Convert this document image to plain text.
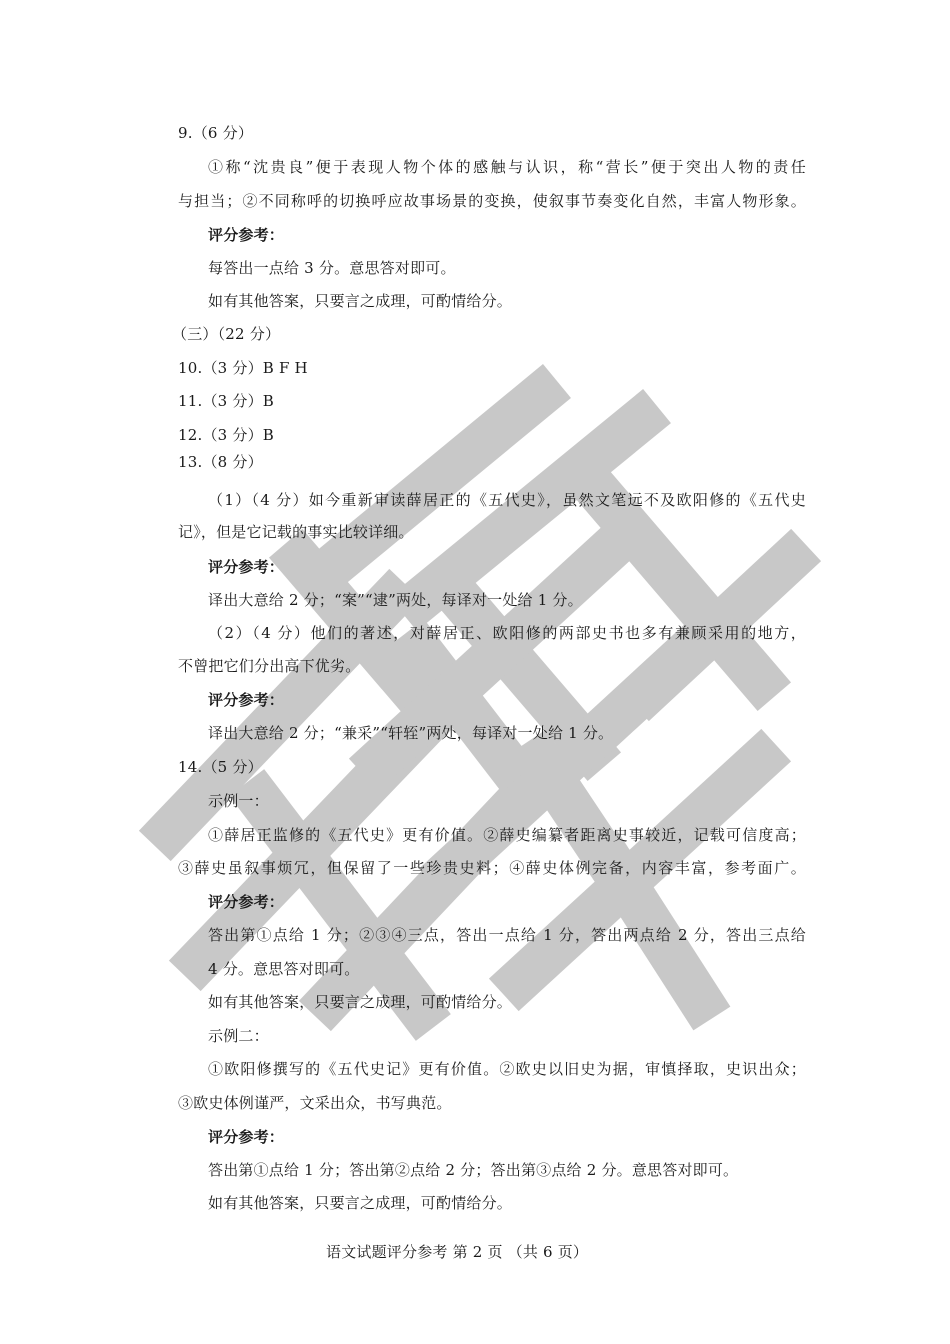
9.（6 分）
①称“沈贵良”便于表现人物个体的感触与认识，称“营长”便于突出人物的责任
与担当；②不同称呼的切换呼应故事场景的变换，使叙事节奏变化自然，丰富人物形象。
评分参考：
每答出一点给 3 分。意思答对即可。
如有其他答案，只要言之成理，可酌情给分。
（三）（22 分）
10.（3 分）B F H
11.（3 分）B
12.（3 分）B
13.（8 分）
（1）（4 分）如今重新审读薛居正的《五代史》，虽然文笔远不及欧阳修的《五代史
记》，但是它记载的事实比较详细。
评分参考：
译出大意给 2 分；“案”“逮”两处，每译对一处给 1 分。
（2）（4 分）他们的著述，对薛居正、欧阳修的两部史书也多有兼顾采用的地方，
不曾把它们分出高下优劣。
评分参考：
译出大意给 2 分；“兼采”“轩轾”两处，每译对一处给 1 分。
14.（5 分）
示例一：
①薛居正监修的《五代史》更有价值。②薛史编纂者距离史事较近，记载可信度高；
③薛史虽叙事烦冗，但保留了一些珍贵史料；④薛史体例完备，内容丰富，参考面广。
评分参考：
答出第①点给 1 分；②③④三点，答出一点给 1 分，答出两点给 2 分，答出三点给
4 分。意思答对即可。
如有其他答案，只要言之成理，可酌情给分。
示例二：
①欧阳修撰写的《五代史记》更有价值。②欧史以旧史为据，审慎择取，史识出众；
③欧史体例谨严，文采出众，书写典范。
评分参考：
答出第①点给 1 分；答出第②点给 2 分；答出第③点给 2 分。意思答对即可。
如有其他答案，只要言之成理，可酌情给分。
语文试题评分参考 第 2 页 （共 6 页）
